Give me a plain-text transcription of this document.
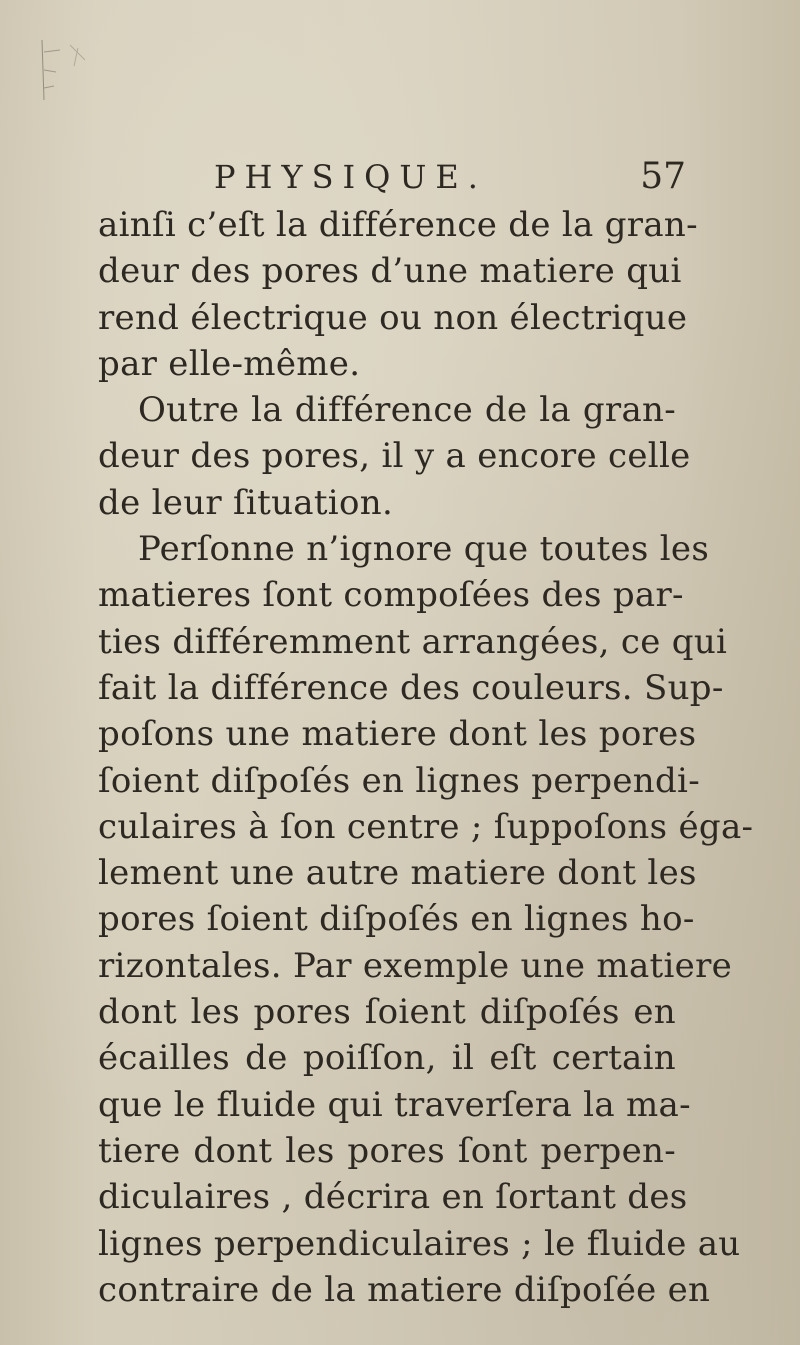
PHYSIQUE.	57
ainſi c’eſt la différence de la gran-
deur des pores d’une matiere qui
rend électrique ou non électrique
par elle-même.
Outre la différence de la gran-
deur des pores, il y a encore celle
de leur ſituation.
Perſonne n’ignore que toutes les
matieres ſont compoſées des par-
ties différemment arrangées, ce qui
fait la différence des couleurs. Sup-
poſons une matiere dont les pores
ſoient diſpoſés en lignes perpendi-
culaires à ſon centre ; ſuppoſons éga-
lement une autre matiere dont les
pores ſoient diſpoſés en lignes ho-
rizontales. Par exemple une matiere
dont les pores ſoient diſpoſés en
écailles de poiſſon, il eſt certain
que le fluide qui traverſera la ma-
tiere dont les pores ſont perpen-
diculaires , décrira en ſortant des
lignes perpendiculaires ; le fluide au
contraire de la matiere diſpoſée en
